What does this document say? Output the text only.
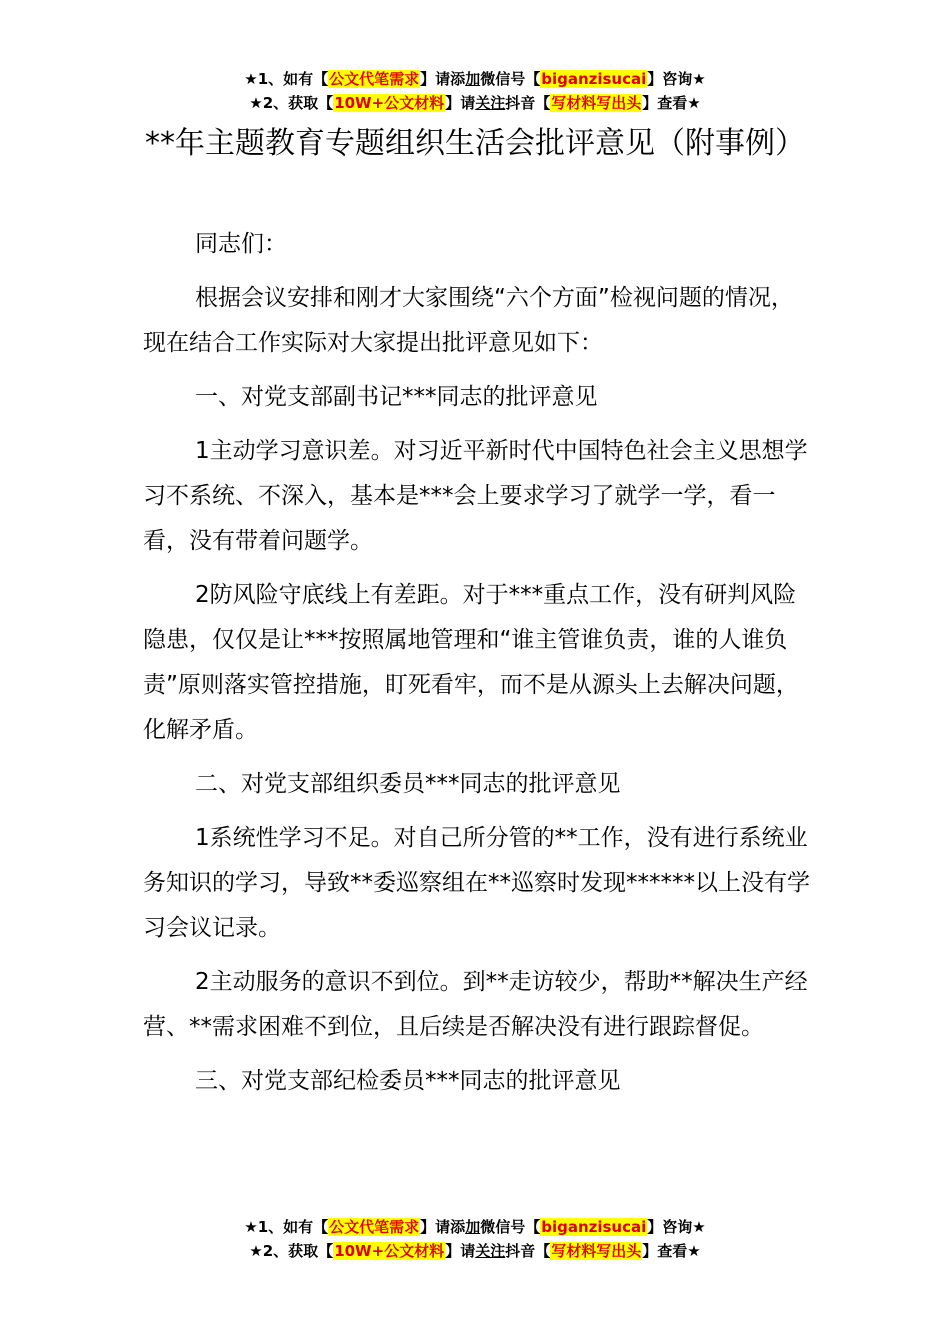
★1、如有【公文代笔需求】请添加微信号【biganzisucai】咨询★
★2、获取【10W+公文材料】请关注抖音【写材料写出头】查看★
**年主题教育专题组织生活会批评意见（附事例）

同志们：

根据会议安排和刚才大家围绕“六个方面”检视问题的情况，现在结合工作实际对大家提出批评意见如下：

一、对党支部副书记***同志的批评意见

1主动学习意识差。对习近平新时代中国特色社会主义思想学习不系统、不深入，基本是***会上要求学习了就学一学，看一看，没有带着问题学。

2防风险守底线上有差距。对于***重点工作，没有研判风险隐患，仅仅是让***按照属地管理和“谁主管谁负责，谁的人谁负责”原则落实管控措施，盯死看牢，而不是从源头上去解决问题，化解矛盾。

二、对党支部组织委员***同志的批评意见

1系统性学习不足。对自己所分管的**工作，没有进行系统业务知识的学习，导致**委巡察组在**巡察时发现******以上没有学习会议记录。

2主动服务的意识不到位。到**走访较少，帮助**解决生产经营、**需求困难不到位，且后续是否解决没有进行跟踪督促。

三、对党支部纪检委员***同志的批评意见

★1、如有【公文代笔需求】请添加微信号【biganzisucai】咨询★
★2、获取【10W+公文材料】请关注抖音【写材料写出头】查看★
